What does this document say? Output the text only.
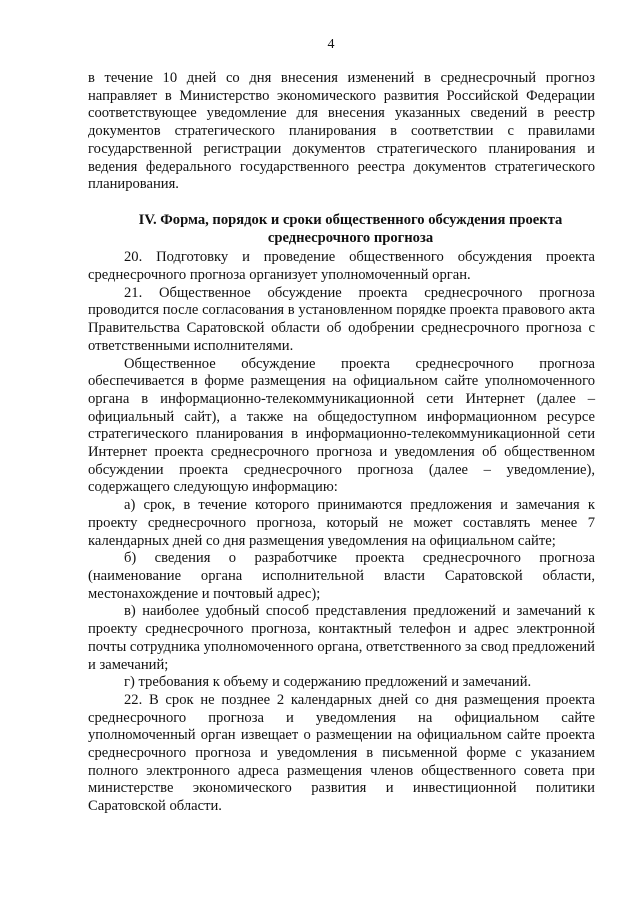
4

в течение 10 дней со дня внесения изменений в среднесрочный прогноз направляет в Министерство экономического развития Российской Федерации соответствующее уведомление для внесения указанных сведений в реестр документов стратегического планирования в соответствии с правилами государственной регистрации документов стратегического планирования и ведения федерального государственного реестра документов стратегического планирования.

IV. Форма, порядок и сроки общественного обсуждения проекта среднесрочного прогноза

20. Подготовку и проведение общественного обсуждения проекта среднесрочного прогноза организует уполномоченный орган.

21. Общественное обсуждение проекта среднесрочного прогноза проводится после согласования в установленном порядке проекта правового акта Правительства Саратовской области об одобрении среднесрочного прогноза с ответственными исполнителями.

Общественное обсуждение проекта среднесрочного прогноза обеспечивается в форме размещения на официальном сайте уполномоченного органа в информационно-телекоммуникационной сети Интернет (далее – официальный сайт), а также на общедоступном информационном ресурсе стратегического планирования в информационно-телекоммуникационной сети Интернет проекта среднесрочного прогноза и уведомления об общественном обсуждении проекта среднесрочного прогноза (далее – уведомление), содержащего следующую информацию:

а) срок, в течение которого принимаются предложения и замечания к проекту среднесрочного прогноза, который не может составлять менее 7 календарных дней со дня размещения уведомления на официальном сайте;

б) сведения о разработчике проекта среднесрочного прогноза (наименование органа исполнительной власти Саратовской области, местонахождение и почтовый адрес);

в) наиболее удобный способ представления предложений и замечаний к проекту среднесрочного прогноза, контактный телефон и адрес электронной почты сотрудника уполномоченного органа, ответственного за свод предложений и замечаний;

г) требования к объему и содержанию предложений и замечаний.

22. В срок не позднее 2 календарных дней со дня размещения проекта среднесрочного прогноза и уведомления на официальном сайте уполномоченный орган извещает о размещении на официальном сайте проекта среднесрочного прогноза и уведомления в письменной форме с указанием полного электронного адреса размещения членов общественного совета при министерстве экономического развития и инвестиционной политики Саратовской области.
